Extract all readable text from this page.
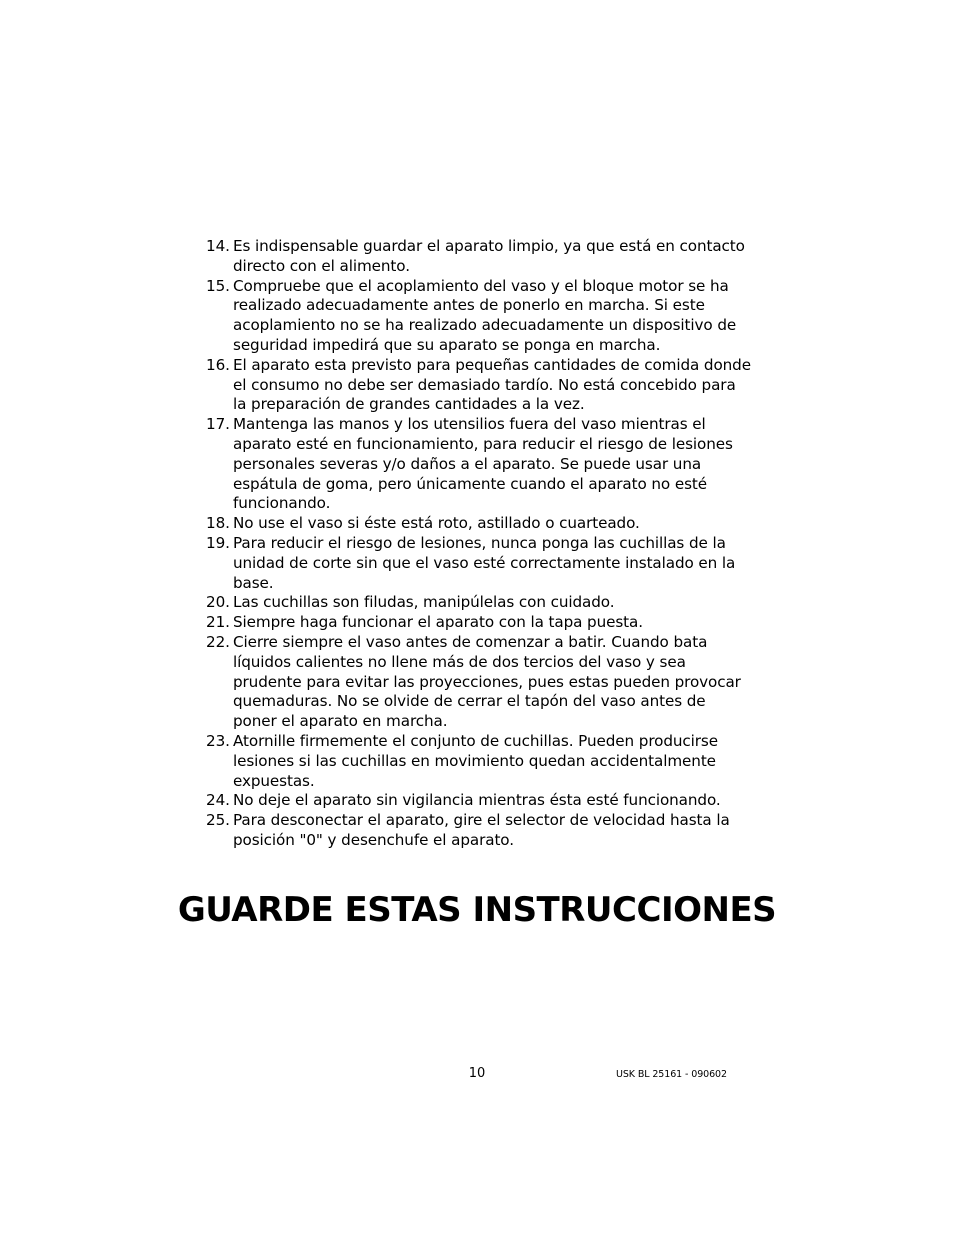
14. Es indispensable guardar el aparato limpio, ya que está en contacto directo con el alimento.
15. Compruebe que el acoplamiento del vaso y el bloque motor se ha realizado adecuadamente antes de ponerlo en marcha. Si este acoplamiento no se ha realizado adecuadamente un dispositivo de seguridad impedirá que su aparato se ponga en marcha.
16. El aparato esta previsto para pequeñas cantidades de comida donde el consumo no debe ser demasiado tardío. No está concebido para la preparación de grandes cantidades a la vez.
17. Mantenga las manos y los utensilios fuera del vaso mientras el aparato esté en funcionamiento, para reducir el riesgo de lesiones personales severas y/o daños a el aparato. Se puede usar una espátula de goma, pero únicamente cuando el aparato no esté funcionando.
18. No use el vaso si éste está roto, astillado o cuarteado.
19. Para reducir el riesgo de lesiones, nunca ponga las cuchillas de la unidad de corte sin que el vaso esté correctamente instalado en la base.
20. Las cuchillas son filudas, manipúlelas con cuidado.
21. Siempre haga funcionar el aparato con la tapa puesta.
22. Cierre siempre el vaso antes de comenzar a batir. Cuando bata líquidos calientes no llene más de dos tercios del vaso y sea prudente para evitar las proyecciones, pues estas pueden provocar quemaduras. No se olvide de cerrar el tapón del vaso antes de poner el aparato en marcha.
23. Atornille firmemente el conjunto de cuchillas. Pueden producirse lesiones si las cuchillas en movimiento quedan accidentalmente expuestas.
24. No deje el aparato sin vigilancia mientras ésta esté funcionando.
25. Para desconectar el aparato, gire el selector de velocidad hasta la posición "0" y desenchufe el aparato.
GUARDE ESTAS INSTRUCCIONES
10	USK BL 25161 - 090602
